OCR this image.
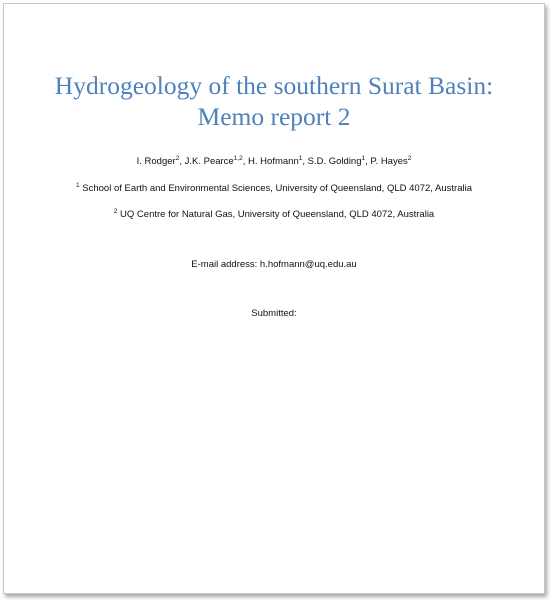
Hydrogeology of the southern Surat Basin:
Memo report 2
I. Rodger$^2$, J.K. Pearce$^{1,2}$, H. Hofmann$^1$, S.D. Golding$^1$, P. Hayes$^2$
$^1$ School of Earth and Environmental Sciences, University of Queensland, QLD 4072, Australia
$^2$ UQ Centre for Natural Gas, University of Queensland, QLD 4072, Australia
E-mail address: h.hofmann@uq.edu.au
Submitted:
